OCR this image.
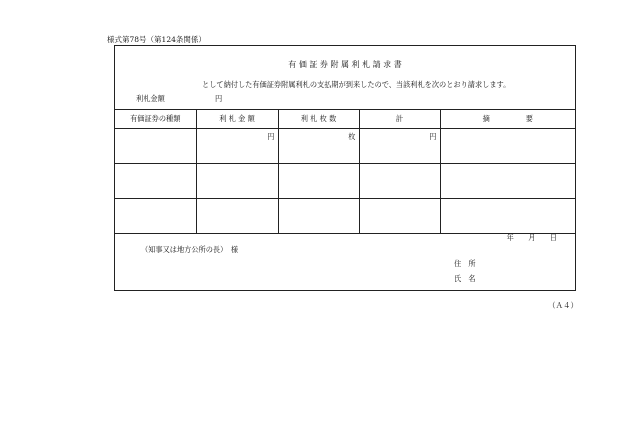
様式第78号（第124条関係）
有 価 証 券 附 属 利 札 請 求 書
として納付した有価証券附属利札の支払期が到来したので、当該利札を次のとおり請求します。
利札金額	円
有価証券の種類	利 札 金 額	利 札 枚 数	計	摘　　　　　要
	円	枚	円	

年　　月　　日
（知事又は地方公所の長）　様
住　所
氏　名
（Ａ４）
